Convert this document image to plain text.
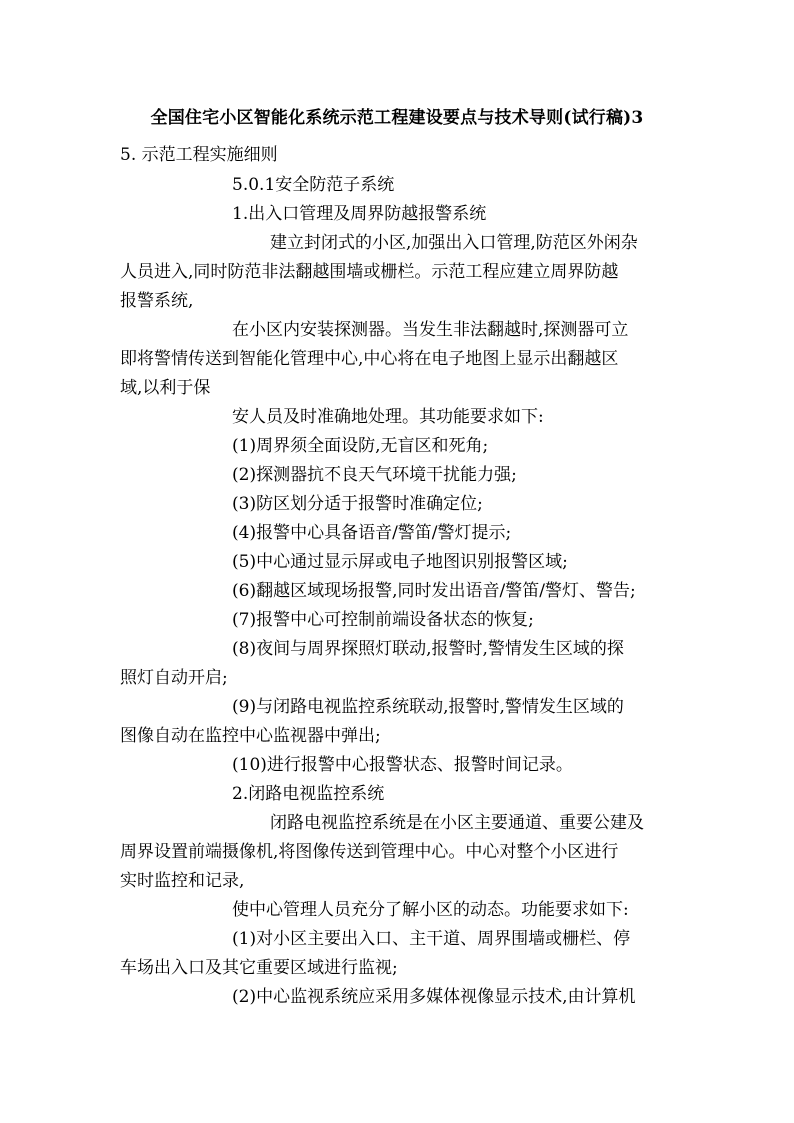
全国住宅小区智能化系统示范工程建设要点与技术导则(试行稿)3
5. 示范工程实施细则
5.0.1安全防范子系统
1.出入口管理及周界防越报警系统
建立封闭式的小区,加强出入口管理,防范区外闲杂
人员进入,同时防范非法翻越围墙或栅栏。示范工程应建立周界防越
报警系统,
在小区内安装探测器。当发生非法翻越时,探测器可立
即将警情传送到智能化管理中心,中心将在电子地图上显示出翻越区
域,以利于保
安人员及时准确地处理。其功能要求如下:
(1)周界须全面设防,无盲区和死角;
(2)探测器抗不良天气环境干扰能力强;
(3)防区划分适于报警时准确定位;
(4)报警中心具备语音/警笛/警灯提示;
(5)中心通过显示屏或电子地图识别报警区域;
(6)翻越区域现场报警,同时发出语音/警笛/警灯、警告;
(7)报警中心可控制前端设备状态的恢复;
(8)夜间与周界探照灯联动,报警时,警情发生区域的探
照灯自动开启;
(9)与闭路电视监控系统联动,报警时,警情发生区域的
图像自动在监控中心监视器中弹出;
(10)进行报警中心报警状态、报警时间记录。
2.闭路电视监控系统
闭路电视监控系统是在小区主要通道、重要公建及
周界设置前端摄像机,将图像传送到管理中心。中心对整个小区进行
实时监控和记录,
使中心管理人员充分了解小区的动态。功能要求如下:
(1)对小区主要出入口、主干道、周界围墙或栅栏、停
车场出入口及其它重要区域进行监视;
(2)中心监视系统应采用多媒体视像显示技术,由计算机
